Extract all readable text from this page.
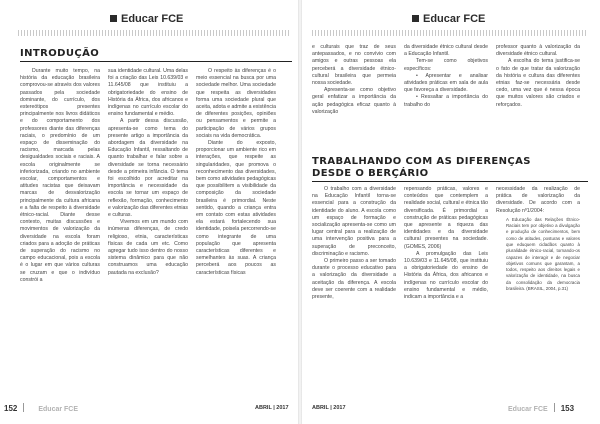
Educar FCE
INTRODUÇÃO

Durante muito tempo, na história da educação brasileira comprovou-se através dos valores passados pela sociedade dominante, do currículo, dos estereótipos presentes principalmente nos livros didáticos e do comportamento dos professores diante das diferenças raciais, o predomínio de um espaço de disseminação do racismo, marcada pelas desigualdades sociais e raciais. A escola originalmente se inferiorizada, criando no ambiente escolar, comportamentos e atitudes racistas que deixavam marcas de desvalorização principalmente da cultura africana e a falta de respeito à diversidade étnico-racial. Diante desse contexto, muitas discussões e movimentos de valorização da diversidade na escola foram criados para a adoção de práticas de superação do racismo no campo educacional, pois a escola é o lugar em que vários culturas se cruzam e que o indivíduo constrói a

sua identidade cultural. Uma delas foi a criação das Leis 10.639/03 e 11.645/08 que instituiu a obrigatoriedade do ensino de História da África, dos africanos e indígenas no currículo escolar do ensino fundamental e médio.

A partir dessa discussão, apresenta-se como tema do presente artigo a importância da abordagem da diversidade na Educação Infantil, ressaltando de quanto trabalhar e falar sobre a diversidade se torna necessário desde a primeira infância. O tema foi escolhido por acreditar na importância e necessidade da escola se tornar um espaço de reflexão, formação, conhecimento e valorização das diferentes etnias e culturas.

Vivemos em um mundo com inúmeras diferenças, de credo religioso, etnia, características físicas de cada um etc. Como agregar tudo isso dentro do nosso sistema dinâmico para que não construamos uma educação pautada na exclusão?

O respeito às diferenças é o meio essencial na busca por uma sociedade melhor. Uma sociedade que respeita as diversidades forma uma sociedade plural que aceita, adota e admite a existência de diferentes posições, opiniões ou pensamentos e permite a participação de vários grupos sociais na vida democrática.

Diante do exposto, proporcionar um ambiente rico em interações, que respeite as singularidades, que promova o reconhecimento das diversidades, bem como atividades pedagógicas que possibilitem a visibilidade da composição da sociedade brasileira é primordial. Neste sentido, quando a criança entra em contato com estas atividades ela estará fortalecendo sua identidade, poisela percorrendo-se como integrante de uma população que apresenta características diferentes e semelhantes às suas. A criança perceberá aos poucos as características físicas

152	Educar FCE	ABRIL | 2017
Educar FCE

e culturais que traz de seus antepassados, e no convívio com amigos e outras pessoas ela perceberá a diversidade étnico-cultural brasileira que permeia nossa sociedade.

Apresenta-se como objetivo geral enfatizar a importância da ação pedagógica eficaz quanto à valorização

da diversidade étnico cultural desde a Educação Infantil.

Tem-se como objetivos específicos:

• Apresentar e analisar atividades práticas em sala de aula que favoreça a diversidade.

• Ressaltar a importância do trabalho do

professor quanto à valorização da diversidade étnico cultural.

A escolha do tema justifica-se o fato de que tratar da valorização da história e cultura das diferentes etnias faz-se necessária desde cedo, uma vez que é nessa época que muitos valores são criados e reforçados.

TRABALHANDO COM AS DIFERENÇAS
DESDE O BERÇÁRIO

O trabalho com a diversidade na Educação Infantil torna-se essencial para a construção da identidade do aluno. A escola como um espaço de formação e socialização apresenta-se como um lugar central para a realização de uma intervenção positiva para a superação de preconceito, discriminação e racismo.

O primeiro passo a ser tomado durante o processo educativo para a valorização da diversidade a aceitação da diferença. A escola deve ser coerente com a realidade presente,

repensando práticas, valores e conteúdos que contemplem a realidade social, cultural e étnica tão diversificada. É primordial a construção de práticas pedagógicas que apresente a riqueza das identidades e da diversidade cultural presentes na sociedade. (GOMES, 2006)

A promulgação das Leis 10.639/03 e 11.645/08, que instituiu a obrigatoriedade do ensino de História da África, dos africanos e indígenas no currículo escolar do ensino fundamental e médio, indicam a importância e a

necessidade da realização de prática de valorização da diversidade. De acordo com a Resolução nº1/2004:

A Educação das Relações Étnico-Raciais tem por objetivo a divulgação e produção de conhecimentos, bem como de atitudes, posturas e valores que eduquem cidadãos quanto à pluralidade étnico-racial, tornando-os capazes de interagir e de negociar objetivos comuns que garantam, a todos, respeito aos direitos legais e valorização de identidade, na busca da consolidação da democracia brasileira. (BRASIL, 2004, p.31)

ABRIL | 2017	Educar FCE 153
